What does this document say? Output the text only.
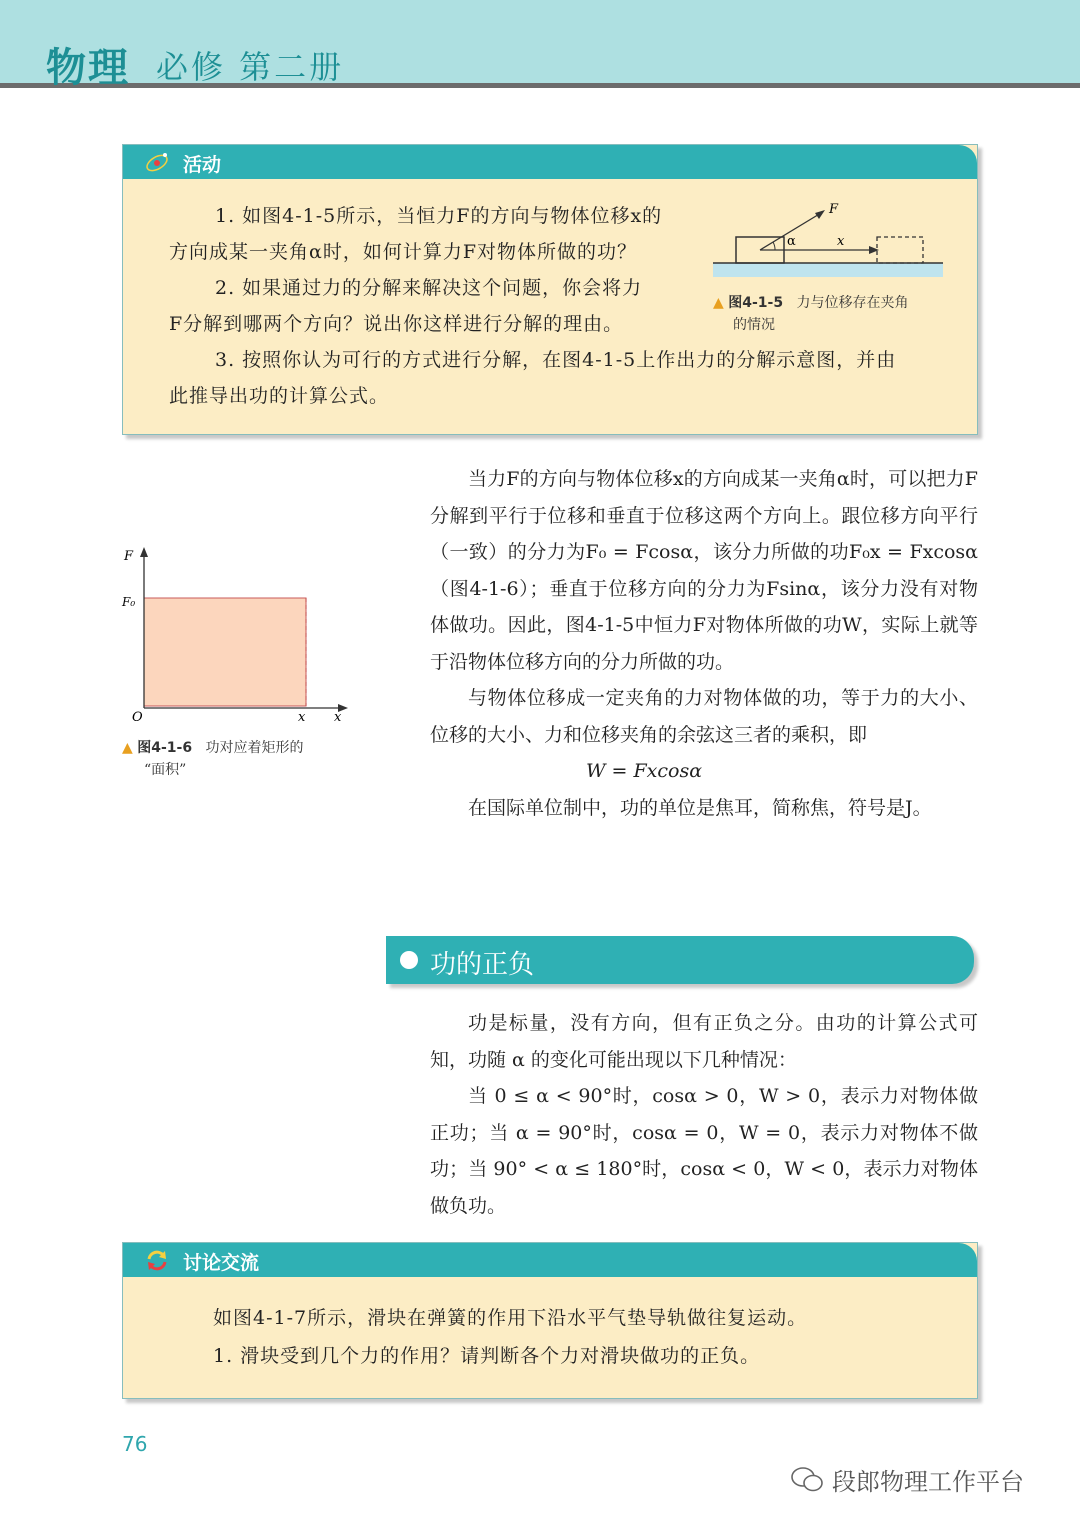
物理 必修 第二册
活动
1. 如图4-1-5所示，当恒力F的方向与物体位移x的
方向成某一夹角α时，如何计算力F对物体所做的功？
2. 如果通过力的分解来解决这个问题，你会将力
F分解到哪两个方向？说出你这样进行分解的理由。
3. 按照你认为可行的方式进行分解，在图4-1-5上作出力的分解示意图，并由
此推导出功的计算公式。
F
α	x
▲ 图4-1-5 力与位移存在夹角
的情况
F
F₀
O	x x
▲ 图4-1-6 功对应着矩形的
“面积”

当力F的方向与物体位移x的方向成某一夹角α时，可以把力F分解到平行于位移和垂直于位移这两个方向上。跟位移方向平行（一致）的分力为F₀ = Fcosα，该分力所做的功F₀x = Fxcosα（图4-1-6）；垂直于位移方向的分力为Fsinα，该分力没有对物体做功。因此，图4-1-5中恒力F对物体所做的功W，实际上就等于沿物体位移方向的分力所做的功。

与物体位移成一定夹角的力对物体做的功，等于力的大小、位移的大小、力和位移夹角的余弦这三者的乘积，即

W = Fxcosα

在国际单位制中，功的单位是焦耳，简称焦，符号是J。

功的正负

功是标量，没有方向，但有正负之分。由功的计算公式可知，功随 α 的变化可能出现以下几种情况：

当 0 ≤ α < 90°时，cosα > 0，W > 0，表示力对物体做正功；当 α = 90°时，cosα = 0，W = 0，表示力对物体不做功；当 90° < α ≤ 180°时，cosα < 0，W < 0，表示力对物体做负功。

讨论交流
如图4-1-7所示，滑块在弹簧的作用下沿水平气垫导轨做往复运动。
1. 滑块受到几个力的作用？请判断各个力对滑块做功的正负。
76
段郎物理工作平台
